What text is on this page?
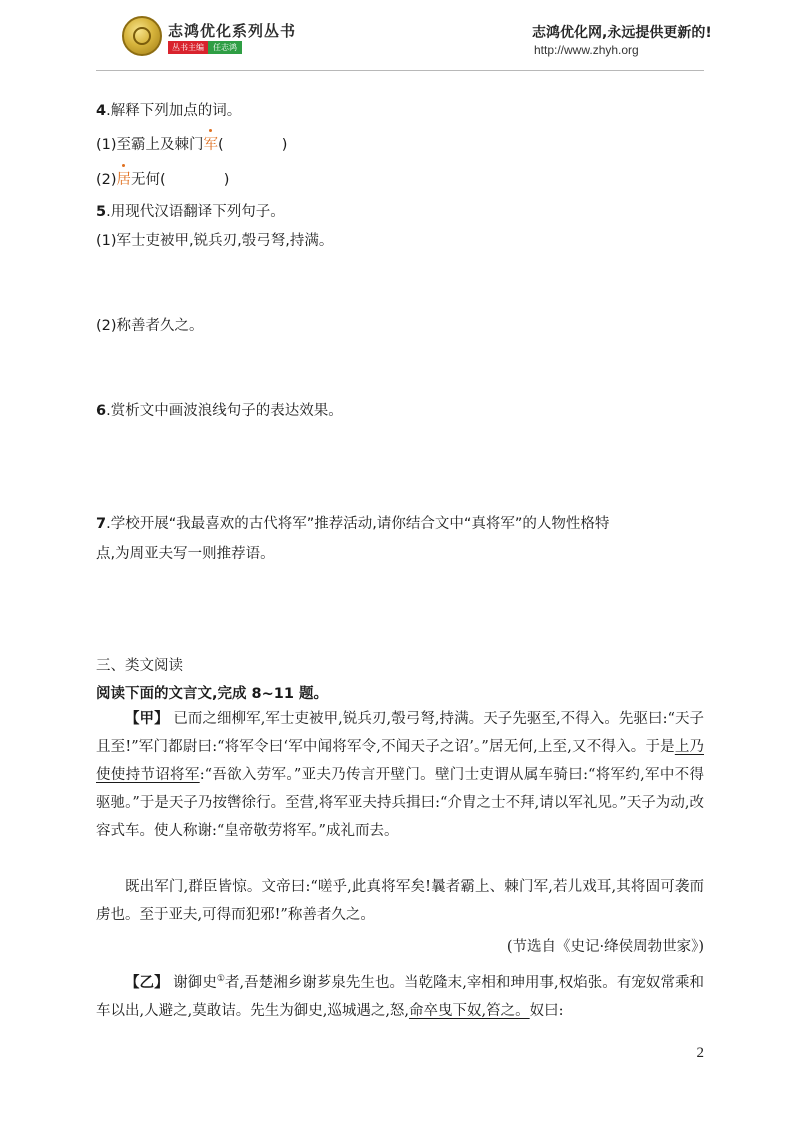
志鸿优化系列丛书
丛书主编	任志鸿
志鸿优化网,永远提供更新的!
http://www.zhyh.org
4.解释下列加点的词。
(1)至霸上及棘门军(　　　　)
(2)居无何(　　　　)
5.用现代汉语翻译下列句子。
(1)军士吏被甲,锐兵刃,彀弓弩,持满。
(2)称善者久之。
6.赏析文中画波浪线句子的表达效果。
7.学校开展“我最喜欢的古代将军”推荐活动,请你结合文中“真将军”的人物性格特
点,为周亚夫写一则推荐语。
三、类文阅读
阅读下面的文言文,完成 8~11 题。
【甲】 已而之细柳军,军士吏被甲,锐兵刃,彀弓弩,持满。天子先驱至,不得入。先驱曰:“天子且至!”军门都尉曰:“将军令曰‘军中闻将军令,不闻天子之诏’。”居无何,上至,又不得入。于是上乃使使持节诏将军:“吾欲入劳军。”亚夫乃传言开壁门。壁门士吏谓从属车骑曰:“将军约,军中不得驱驰。”于是天子乃按辔徐行。至营,将军亚夫持兵揖曰:“介胄之士不拜,请以军礼见。”天子为动,改容式车。使人称谢:“皇帝敬劳将军。”成礼而去。
既出军门,群臣皆惊。文帝曰:“嗟乎,此真将军矣!曩者霸上、棘门军,若儿戏耳,其将固可袭而虏也。至于亚夫,可得而犯邪!”称善者久之。
(节选自《史记·绛侯周勃世家》)
【乙】 谢御史①者,吾楚湘乡谢芗泉先生也。当乾隆末,宰相和珅用事,权焰张。有宠奴常乘和车以出,人避之,莫敢诘。先生为御史,巡城遇之,怒,命卒曳下奴,笞之。奴曰:
2
